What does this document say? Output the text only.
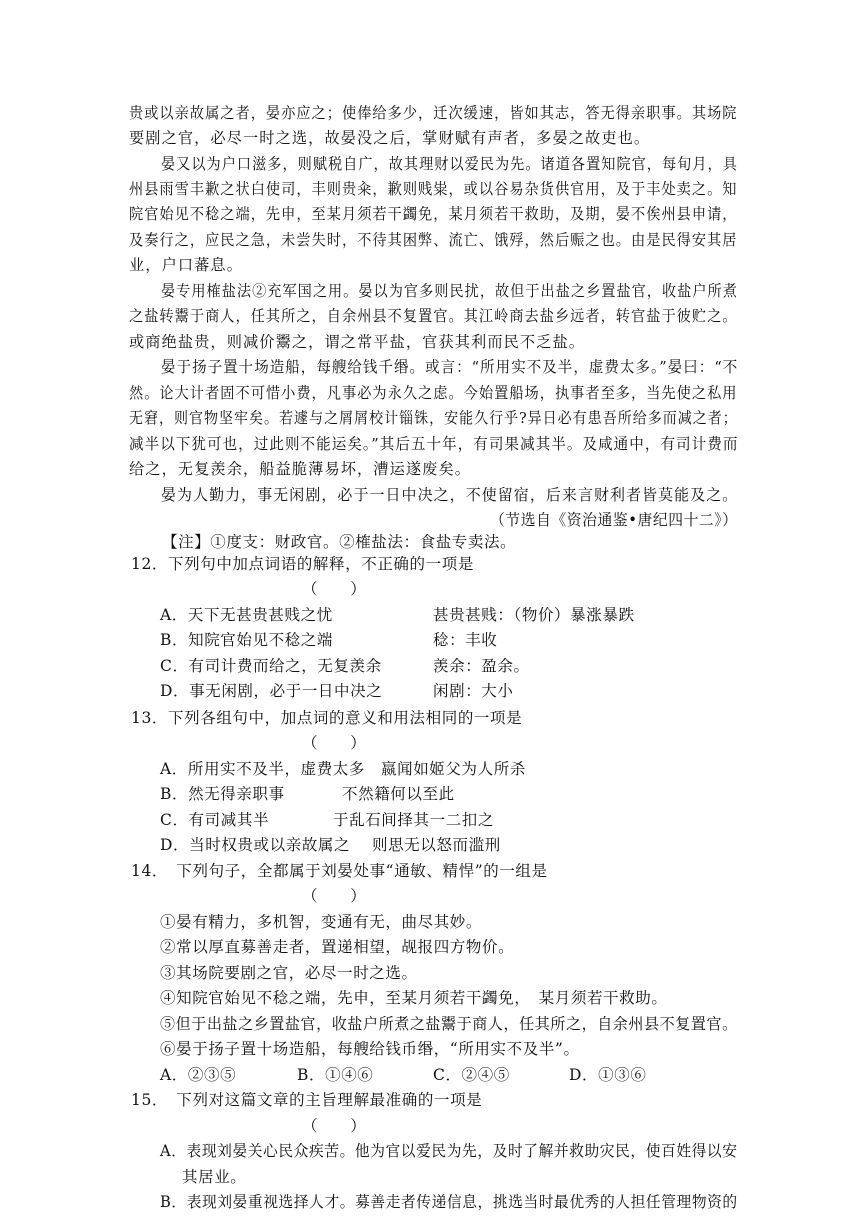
贵或以亲故属之者，晏亦应之；使俸给多少，迁次缓速，皆如其志，答无得亲职事。其场院
要剧之官，必尽一时之选，故晏没之后，掌财赋有声者，多晏之故吏也。
晏又以为户口滋多，则赋税自广，故其理财以爱民为先。诸道各置知院官，每旬月，具
州县雨雪丰歉之状白使司，丰则贵籴，歉则贱粜，或以谷易杂货供官用，及于丰处卖之。知
院官始见不稔之端，先申，至某月须若干蠲免，某月须若干救助，及期，晏不俟州县申请，
及奏行之，应民之急，未尝失时，不待其困弊、流亡、饿殍，然后赈之也。由是民得安其居
业，户口蕃息。
晏专用榷盐法②充军国之用。晏以为官多则民扰，故但于出盐之乡置盐官，收盐户所煮
之盐转鬻于商人，任其所之，自余州县不复置官。其江岭商去盐乡远者，转官盐于彼贮之。
或商绝盐贵，则减价鬻之，谓之常平盐，官获其利而民不乏盐。
晏于扬子置十场造船，每艘给钱千缗。或言：“所用实不及半，虚费太多。”晏曰：“不
然。论大计者固不可惜小费，凡事必为永久之虑。今始置船场，执事者至多，当先使之私用
无窘，则官物坚牢矣。若遽与之屑屑校计锱铢，安能久行乎?异日必有患吾所给多而减之者；
减半以下犹可也，过此则不能运矣。”其后五十年，有司果减其半。及咸通中，有司计费而
给之，无复羡余，船益脆薄易坏，漕运遂废矣。
晏为人勤力，事无闲剧，必于一日中决之，不使留宿，后来言财利者皆莫能及之。
（节选自《资治通鉴•唐纪四十二》）
【注】①度支：财政官。②榷盐法：食盐专卖法。
12．下列句中加点词语的解释，不正确的一项是
（　　）
A．天下无甚贵甚贱之忧	甚贵甚贱：（物价）暴涨暴跌
B．知院官始见不稔之端	稔：丰收
C．有司计费而给之，无复羡余	羡余：盈余。
D．事无闲剧，必于一日中决之	闲剧：大小
13．下列各组句中，加点词的意义和用法相同的一项是
（　　）
A．所用实不及半，虚费太多 嬴闻如姬父为人所杀
B．然无得亲职事	不然籍何以至此
C．有司减其半	于乱石间择其一二扣之
D．当时权贵或以亲故属之 则思无以怒而滥刑
14．　下列句子，全都属于刘晏处事“通敏、精悍”的一组是
（　　）
①晏有精力，多机智，变通有无，曲尽其妙。
②常以厚直募善走者，置递相望，觇报四方物价。
③其场院要剧之官，必尽一时之选。
④知院官始见不稔之端，先申，至某月须若干蠲免，　某月须若干救助。
⑤但于出盐之乡置盐官，收盐户所煮之盐鬻于商人，任其所之，自余州县不复置官。
⑥晏于扬子置十场造船，每艘给钱币缗，“所用实不及半”。
A．②③⑤	B．①④⑥	C．②④⑤	D．①③⑥
15．　下列对这篇文章的主旨理解最准确的一项是
（　　）
A．表现刘晏关心民众疾苦。他为官以爱民为先，及时了解并救助灾民，使百姓得以安
其居业。
B．表现刘晏重视选择人才。募善走者传递信息，挑选当时最优秀的人担任管理物资的
